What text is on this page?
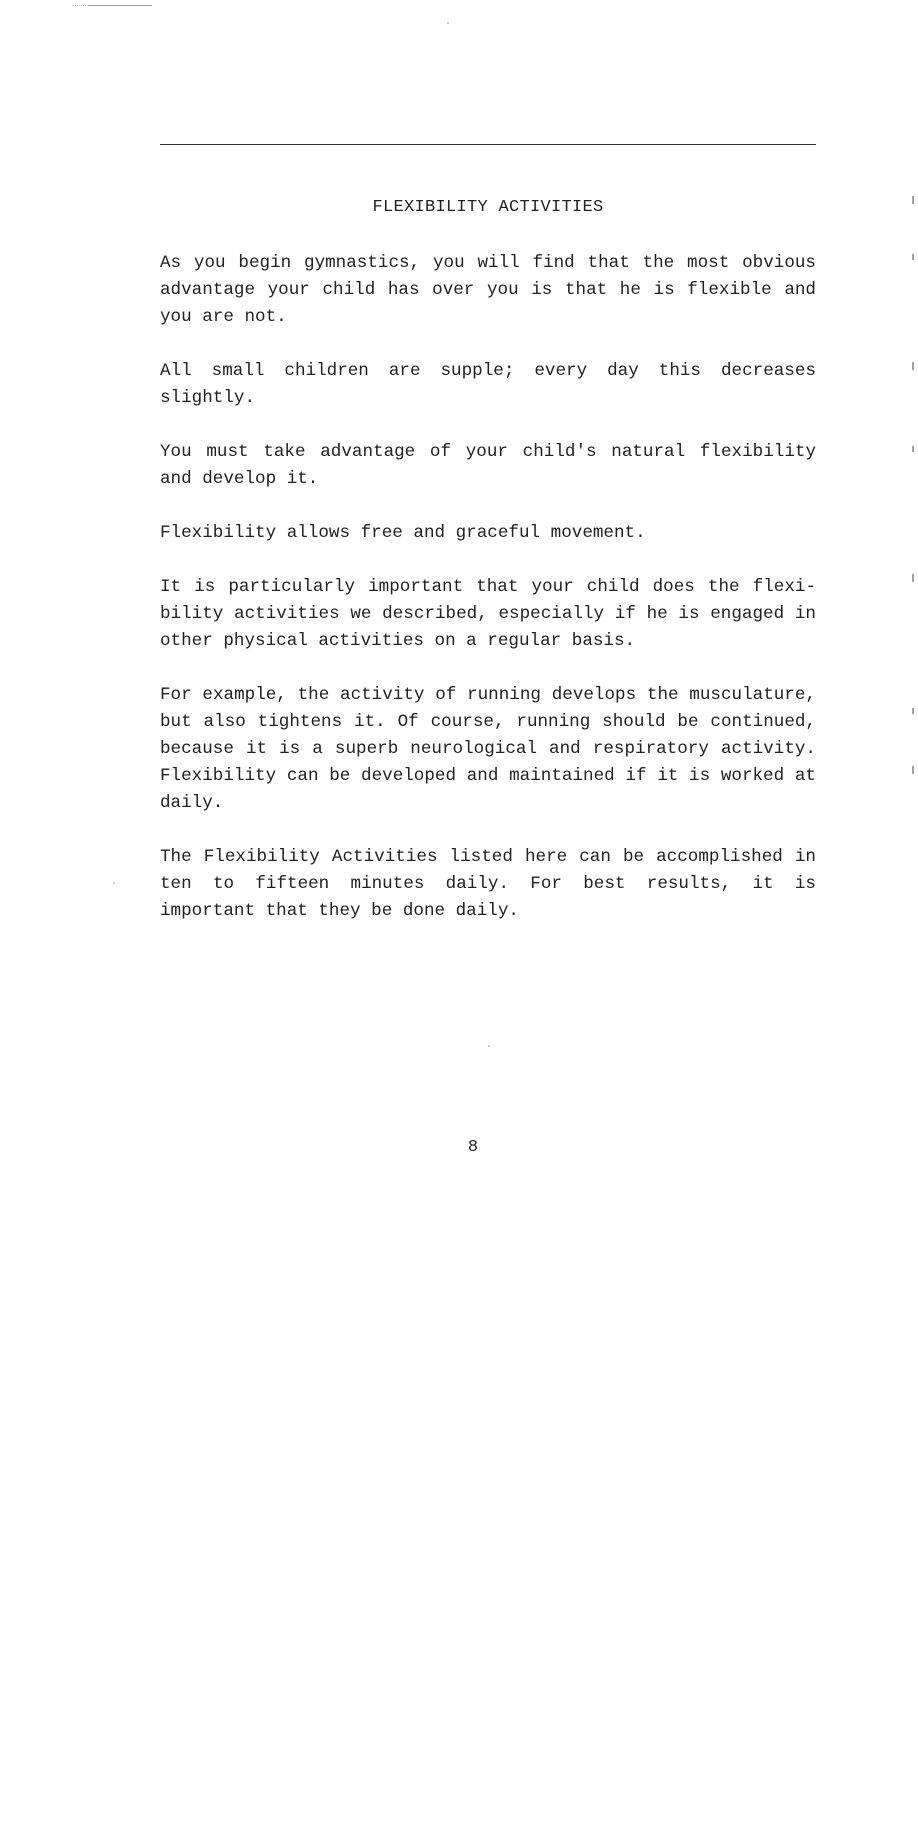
FLEXIBILITY ACTIVITIES

As you begin gymnastics, you will find that the most obvious advantage your child has over you is that he is flexible and you are not.

All small children are supple; every day this decreases slightly.

You must take advantage of your child's natural flexibility and develop it.

Flexibility allows free and graceful movement.

It is particularly important that your child does the flexibility activities we described, especially if he is engaged in other physical activities on a regular basis.

For example, the activity of running develops the musculature, but also tightens it. Of course, running should be continued, because it is a superb neurological and respiratory activity. Flexibility can be developed and maintained if it is worked at daily.

The Flexibility Activities listed here can be accomplished in ten to fifteen minutes daily. For best results, it is important that they be done daily.

8
